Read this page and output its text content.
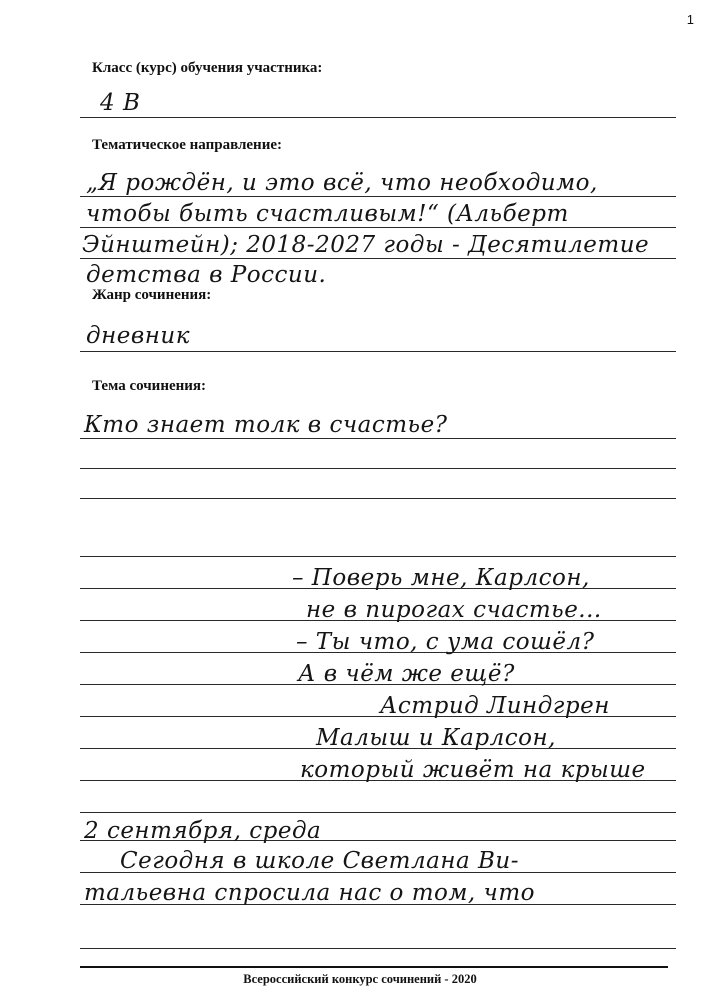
1
Класс (курс) обучения участника:
4 В
Тематическое направление:
„Я рождён, и это всё, что необходимо,
чтобы быть счастливым!“ (Альберт
Эйнштейн); 2018-2027 годы - Десятилетие
детства в России.
Жанр сочинения:
дневник
Тема сочинения:
Кто знает толк в счастье?
– Поверь мне, Карлсон,
не в пирогах счастье...
– Ты что, с ума сошёл?
А в чём же ещё?
Астрид Линдгрен
Малыш и Карлсон,
который живёт на крыше
2 сентября, среда
Сегодня в школе Светлана Ви-
тальевна спросила нас о том, что
Всероссийский конкурс сочинений - 2020
